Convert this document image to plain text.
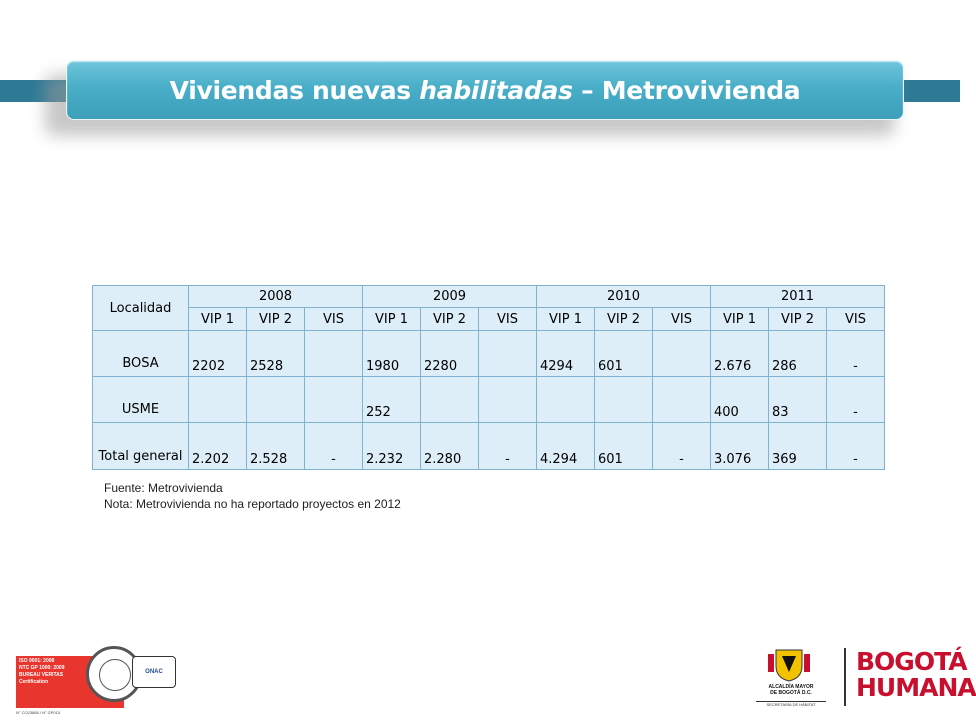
Viviendas nuevas habilitadas – Metrovivienda
Localidad	2008			2009			2010			2011		
	VIP 1	VIP 2	VIS	VIP 1	VIP 2	VIS	VIP 1	VIP 2	VIS	VIP 1	VIP 2	VIS
BOSA	2202	2528		1980	2280		4294	601		2.676	286	-
USME				252						400	83	-
Total general	2.202	2.528	-	2.232	2.280	-	4.294	601	-	3.076	369	-
Fuente: Metrovivienda
Nota: Metrovivienda no ha reportado proyectos en 2012
ISO 9001: 2008
NTC GP 1000: 2009
BUREAU VERITAS
Certification
ONAC
N° CO23888 / N° GP015
ALCALDÍA MAYOR
DE BOGOTÁ D.C.
SECRETARÍA DE HÁBITAT
BOGOTÁ
HUMANA
